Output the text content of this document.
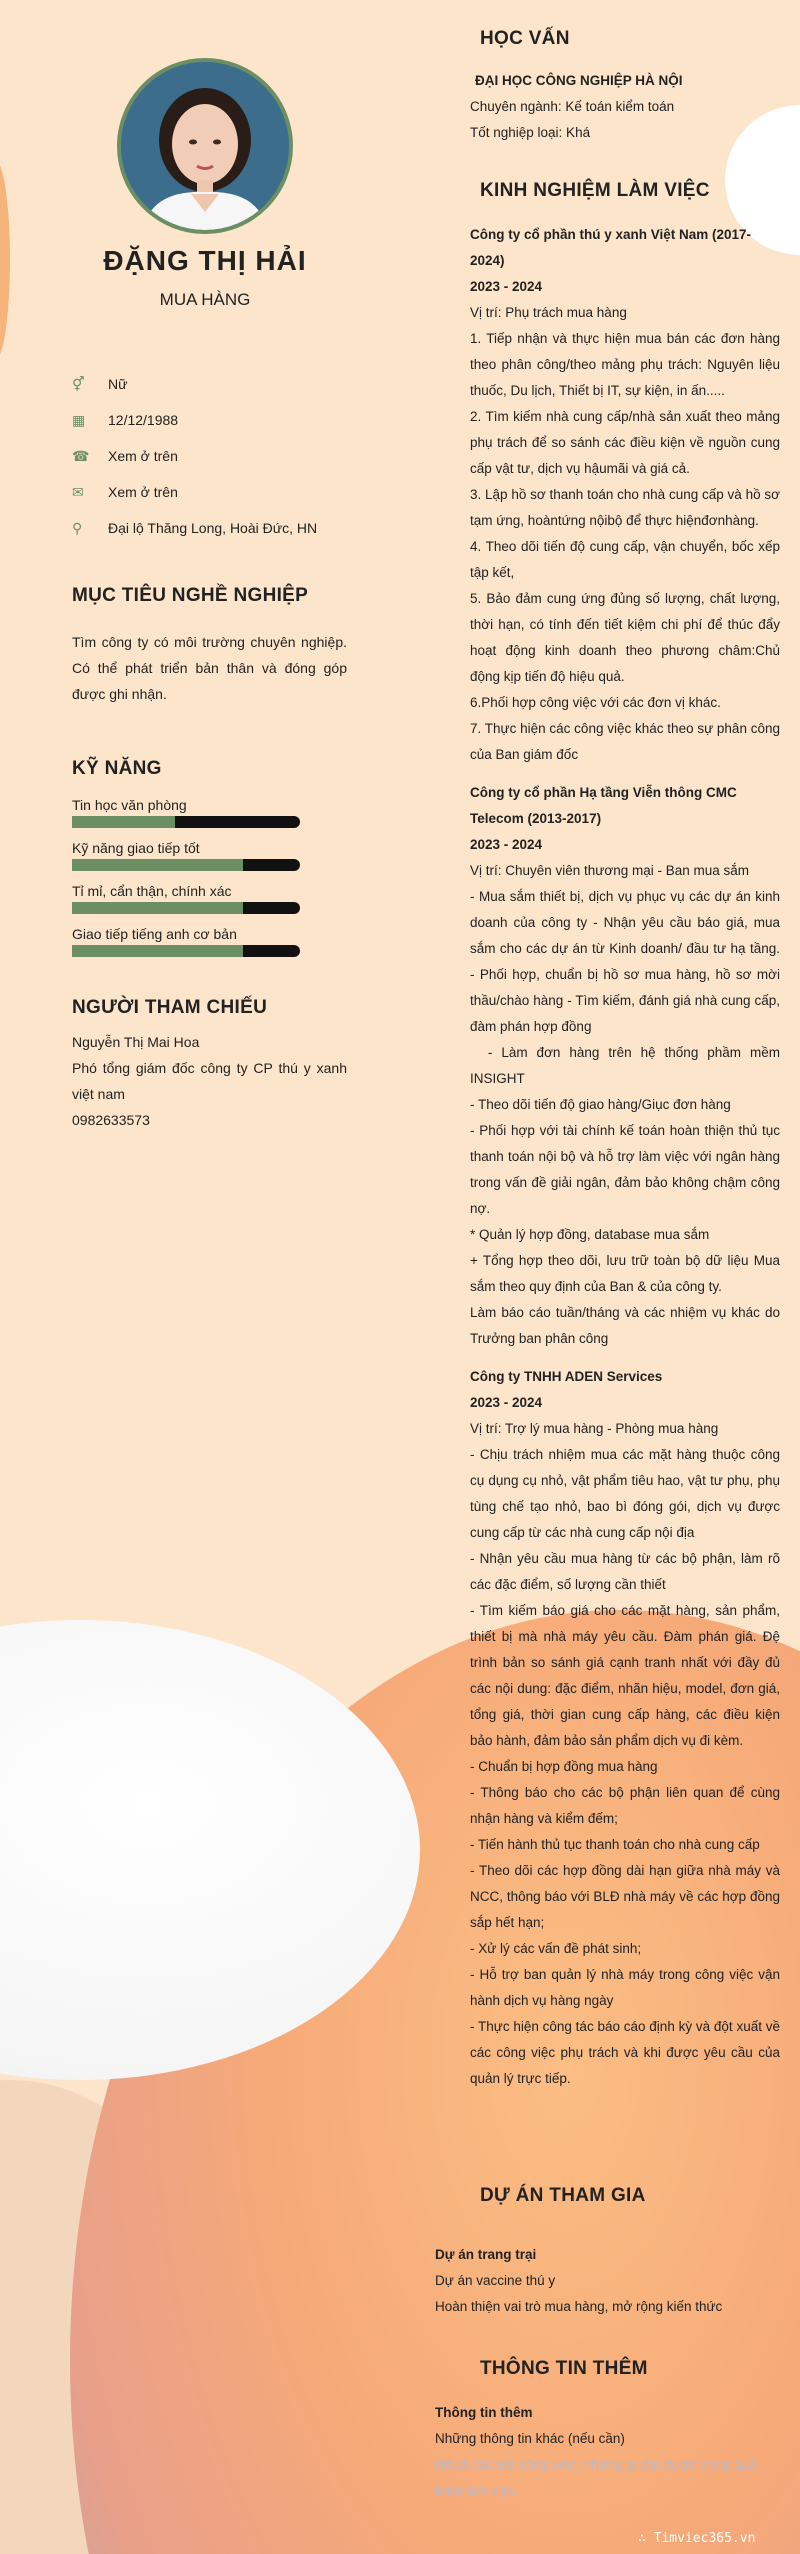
ĐẶNG THỊ HẢI
MUA HÀNG
⚥	Nữ
▦	12/12/1988
☎	Xem ở trên
✉	Xem ở trên
⚲	Đại lộ Thăng Long, Hoài Đức, HN
MỤC TIÊU NGHỀ NGHIỆP
Tìm công ty có môi trường chuyên nghiệp. Có thể phát triển bản thân và đóng góp được ghi nhận.
KỸ NĂNG
Tin học văn phòng
Kỹ năng giao tiếp tốt
Tỉ mỉ, cẩn thận, chính xác
Giao tiếp tiếng anh cơ bản
NGƯỜI THAM CHIẾU
Nguyễn Thị Mai Hoa
Phó tổng giám đốc công ty CP thú y xanh việt nam
0982633573
HỌC VẤN
ĐẠI HỌC CÔNG NGHIỆP HÀ NỘI
Chuyên ngành: Kế toán kiểm toán
Tốt nghiệp loại: Khá
KINH NGHIỆM LÀM VIỆC
Công ty cổ phần thú y xanh Việt Nam (2017-2024)
2023 - 2024
Vị trí: Phụ trách mua hàng
1. Tiếp nhận và thực hiện mua bán các đơn hàng theo phân công/theo mảng phụ trách: Nguyên liệu thuốc, Du lịch, Thiết bị IT, sự kiện, in ấn.....
2. Tìm kiếm nhà cung cấp/nhà sản xuất theo mảng phụ trách để so sánh các điều kiện về nguồn cung cấp vật tư, dịch vụ hậumãi và giá cả.
3. Lập hồ sơ thanh toán cho nhà cung cấp và hồ sơ tạm ứng, hoàntứng nộibộ để thực hiệnđơnhàng.
4. Theo dõi tiến độ cung cấp, vận chuyển, bốc xếp tập kết,
5. Bảo đảm cung ứng đủng số lượng, chất lượng, thời hạn, có tính đến tiết kiệm chi phí để thúc đẩy hoạt động kinh doanh theo phương châm:Chủ động kịp tiến độ hiệu quả.
6.Phối hợp công việc với các đơn vị khác.
7. Thực hiện các công việc khác theo sự phân công của Ban giám đốc
Công ty cổ phần Hạ tầng Viễn thông CMC Telecom (2013-2017)
2023 - 2024
Vị trí: Chuyên viên thương mại - Ban mua sắm
- Mua sắm thiết bị, dịch vụ phục vụ các dự án kinh doanh của công ty - Nhận yêu cầu báo giá, mua sắm cho các dự án từ Kinh doanh/ đầu tư hạ tầng. - Phối hợp, chuẩn bị hồ sơ mua hàng, hồ sơ mời thầu/chào hàng - Tìm kiếm, đánh giá nhà cung cấp, đàm phán hợp đồng
- Làm đơn hàng trên hệ thống phầm mềm INSIGHT
- Theo dõi tiến độ giao hàng/Giục đơn hàng
- Phối hợp với tài chính kế toán hoàn thiện thủ tục thanh toán nội bộ và hỗ trợ làm việc với ngân hàng trong vấn đề giải ngân, đảm bảo không chậm công nợ.
* Quản lý hợp đồng, database mua sắm
+ Tổng hợp theo dõi, lưu trữ toàn bộ dữ liệu Mua sắm theo quy định của Ban & của công ty.
Làm báo cáo tuần/tháng và các nhiệm vụ khác do Trưởng ban phân công
Công ty TNHH ADEN Services
2023 - 2024
Vị trí: Trợ lý mua hàng - Phòng mua hàng
- Chịu trách nhiệm mua các mặt hàng thuộc công cụ dụng cụ nhỏ, vật phẩm tiêu hao, vật tư phụ, phụ tùng chế tạo nhỏ, bao bì đóng gói, dịch vụ được cung cấp từ các nhà cung cấp nội địa
- Nhận yêu cầu mua hàng từ các bộ phận, làm rõ các đặc điểm, số lượng cần thiết
- Tìm kiếm báo giá cho các mặt hàng, sản phẩm, thiết bị mà nhà máy yêu cầu. Đàm phán giá. Đệ trình bản so sánh giá cạnh tranh nhất với đầy đủ các nội dung: đặc điểm, nhãn hiệu, model, đơn giá, tổng giá, thời gian cung cấp hàng, các điều kiện bảo hành, đảm bảo sản phẩm dịch vụ đi kèm.
- Chuẩn bị hợp đồng mua hàng
- Thông báo cho các bộ phận liên quan để cùng nhận hàng và kiểm đếm;
- Tiến hành thủ tục thanh toán cho nhà cung cấp
- Theo dõi các hợp đồng dài hạn giữa nhà máy và NCC, thông báo với BLĐ nhà máy về các hợp đồng sắp hết hạn;
- Xử lý các vấn đề phát sinh;
- Hỗ trợ ban quản lý nhà máy trong công việc vận hành dịch vụ hàng ngày
- Thực hiện công tác báo cáo định kỳ và đột xuất về các công việc phụ trách và khi được yêu cầu của quản lý trực tiếp.
DỰ ÁN THAM GIA
Dự án trang trại
Dự án vaccine thú y
Hoàn thiện vai trò mua hàng, mở rộng kiến thức
THÔNG TIN THÊM
Thông tin thêm
Những thông tin khác (nếu cần)
Mô tả các tiết công việc, những gì đạt được trong quá trình làm việc.
∴ Timviec365.vn
